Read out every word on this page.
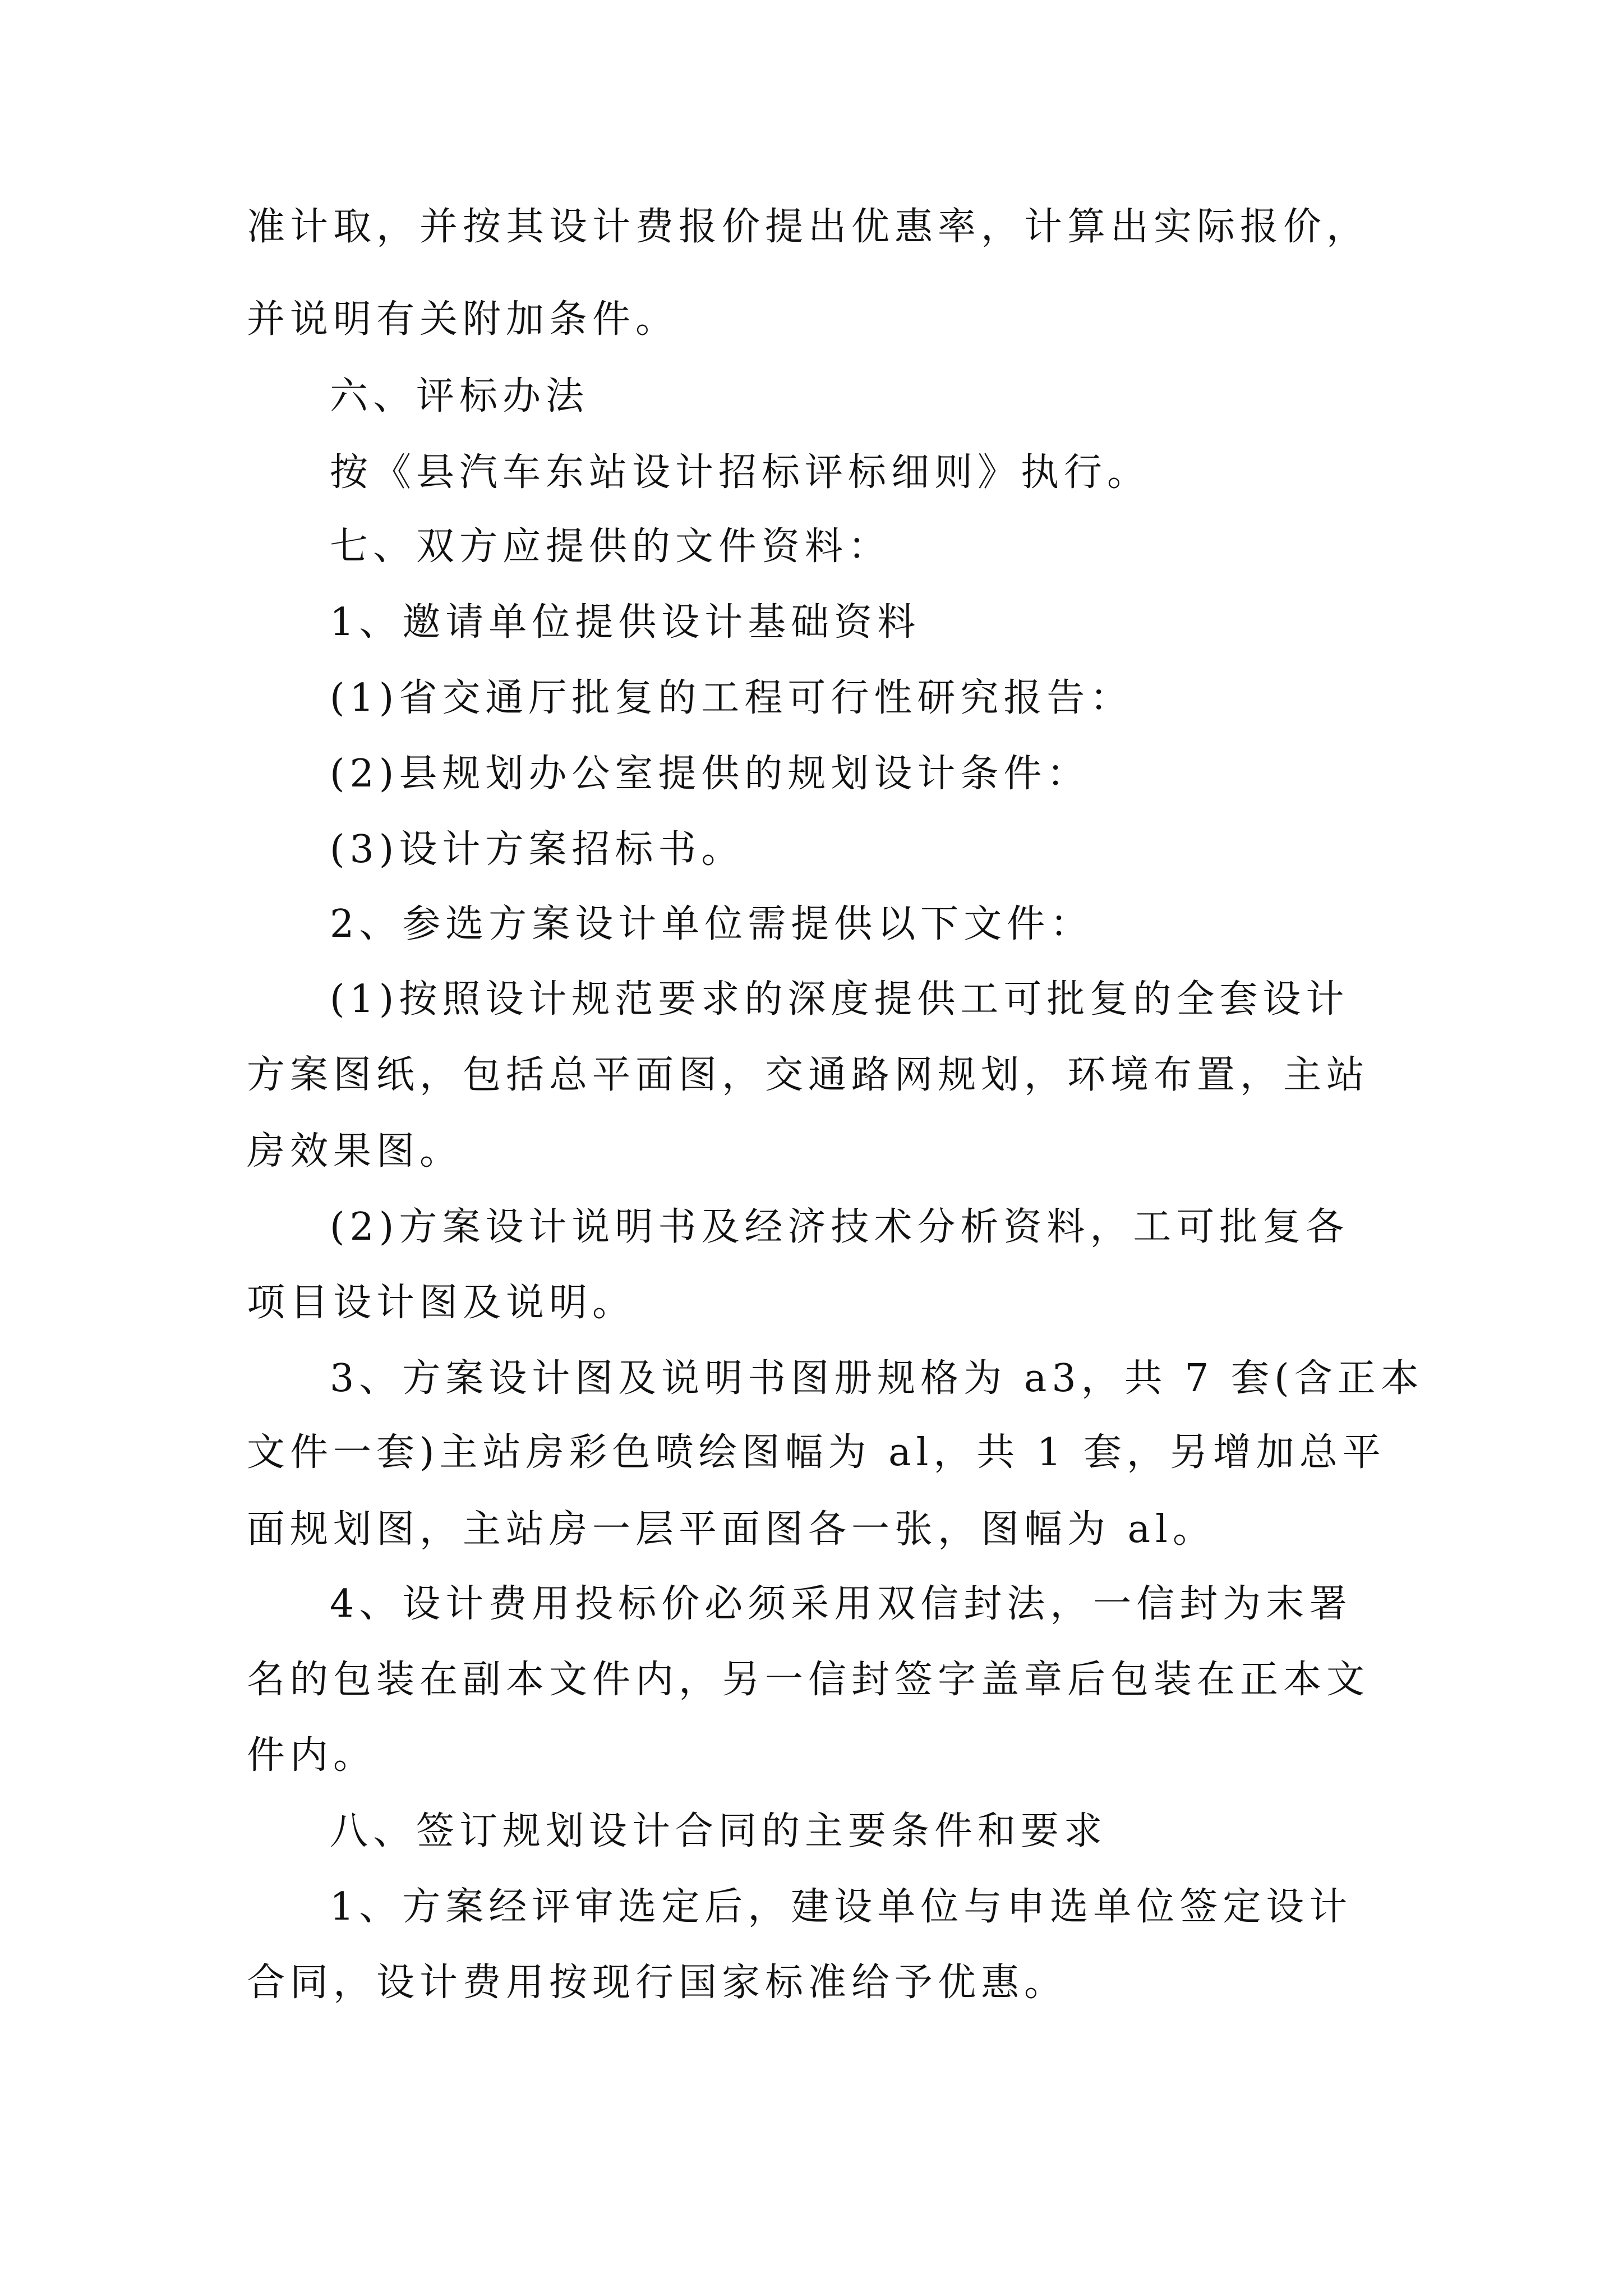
准计取，并按其设计费报价提出优惠率，计算出实际报价，
并说明有关附加条件。
六、评标办法
按《县汽车东站设计招标评标细则》执行。
七、双方应提供的文件资料：
1、邀请单位提供设计基础资料
(1)省交通厅批复的工程可行性研究报告：
(2)县规划办公室提供的规划设计条件：
(3)设计方案招标书。
2、参选方案设计单位需提供以下文件：
(1)按照设计规范要求的深度提供工可批复的全套设计
方案图纸，包括总平面图，交通路网规划，环境布置，主站
房效果图。
(2)方案设计说明书及经济技术分析资料，工可批复各
项目设计图及说明。
3、方案设计图及说明书图册规格为 a3，共 7 套(含正本
文件一套)主站房彩色喷绘图幅为 al，共 1 套，另增加总平
面规划图，主站房一层平面图各一张，图幅为 al。
4、设计费用投标价必须采用双信封法，一信封为末署
名的包装在副本文件内，另一信封签字盖章后包装在正本文
件内。
八、签订规划设计合同的主要条件和要求
1、方案经评审选定后，建设单位与申选单位签定设计
合同，设计费用按现行国家标准给予优惠。
